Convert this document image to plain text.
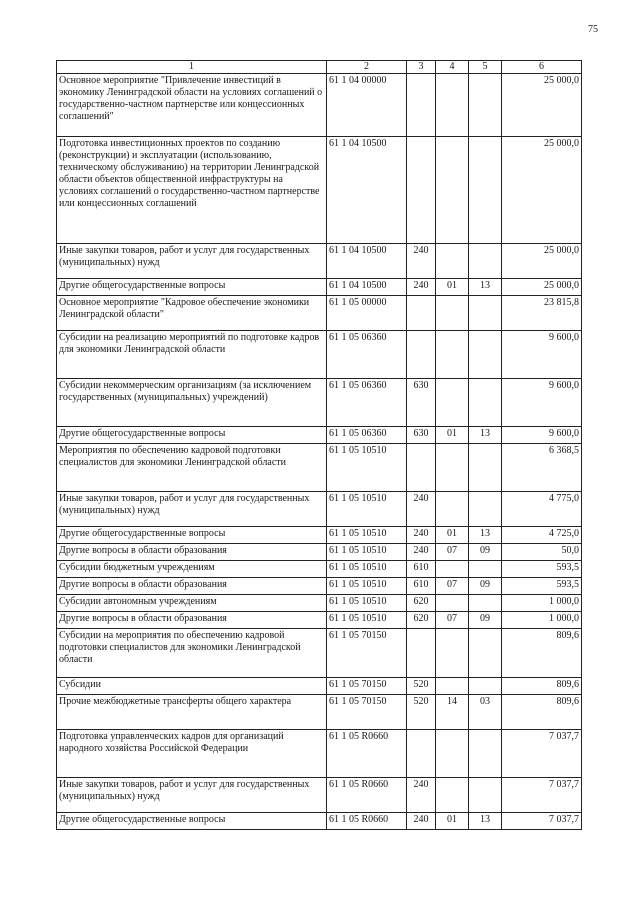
75
1	2	3	4	5	6
Основное мероприятие "Привлечение инвестиций в экономику Ленинградской области на условиях соглашений о государственно-частном партнерстве или концессионных соглашений"	61 1 04 00000				25 000,0
Подготовка инвестиционных проектов по созданию (реконструкции) и эксплуатации (использованию, техническому обслуживанию) на территории Ленинградской области объектов общественной инфраструктуры на условиях соглашений о государственно-частном партнерстве или концессионных соглашений	61 1 04 10500				25 000,0
Иные закупки товаров, работ и услуг для государственных (муниципальных) нужд	61 1 04 10500	240			25 000,0
Другие общегосударственные вопросы	61 1 04 10500	240	01	13	25 000,0
Основное мероприятие "Кадровое обеспечение экономики Ленинградской области"	61 1 05 00000				23 815,8
Субсидии на реализацию мероприятий по подготовке кадров для экономики Ленинградской области	61 1 05 06360				9 600,0
Субсидии некоммерческим организациям (за исключением государственных (муниципальных) учреждений)	61 1 05 06360	630			9 600,0
Другие общегосударственные вопросы	61 1 05 06360	630	01	13	9 600,0
Мероприятия по обеспечению кадровой подготовки специалистов для экономики Ленинградской области	61 1 05 10510				6 368,5
Иные закупки товаров, работ и услуг для государственных (муниципальных) нужд	61 1 05 10510	240			4 775,0
Другие общегосударственные вопросы	61 1 05 10510	240	01	13	4 725,0
Другие вопросы в области образования	61 1 05 10510	240	07	09	50,0
Субсидии бюджетным учреждениям	61 1 05 10510	610			593,5
Другие вопросы в области образования	61 1 05 10510	610	07	09	593,5
Субсидии автономным учреждениям	61 1 05 10510	620			1 000,0
Другие вопросы в области образования	61 1 05 10510	620	07	09	1 000,0
Субсидии на мероприятия по обеспечению кадровой подготовки специалистов для экономики Ленинградской области	61 1 05 70150				809,6
Субсидии	61 1 05 70150	520			809,6
Прочие межбюджетные трансферты общего характера	61 1 05 70150	520	14	03	809,6
Подготовка управленческих кадров для организаций народного хозяйства Российской Федерации	61 1 05 R0660				7 037,7
Иные закупки товаров, работ и услуг для государственных (муниципальных) нужд	61 1 05 R0660	240			7 037,7
Другие общегосударственные вопросы	61 1 05 R0660	240	01	13	7 037,7
